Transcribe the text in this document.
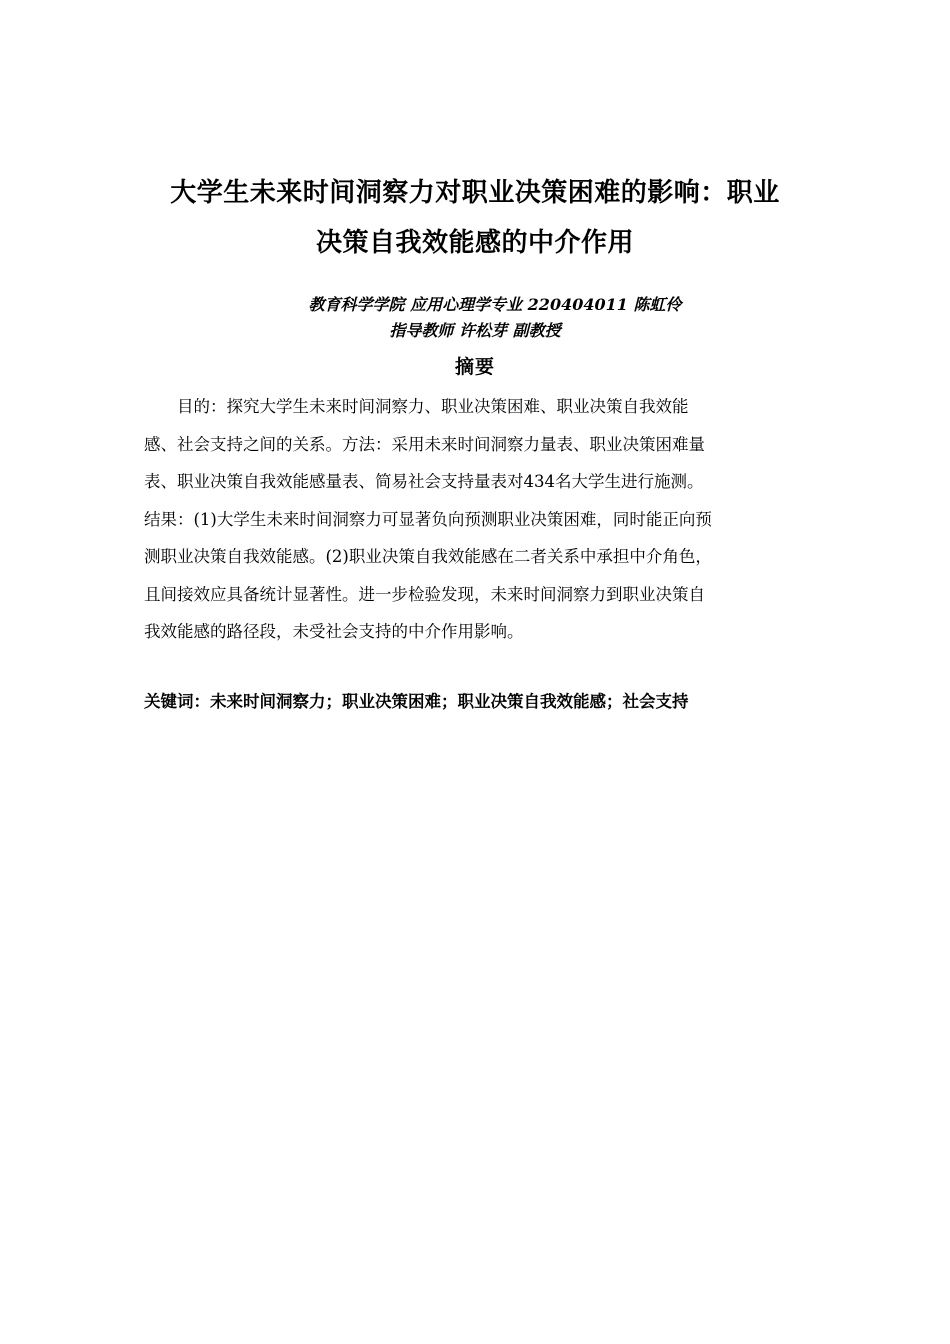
大学生未来时间洞察力对职业决策困难的影响：职业
决策自我效能感的中介作用
教育科学学院 应用心理学专业 220404011 陈虹伶
指导教师 许松芽 副教授
摘要
目的：探究大学生未来时间洞察力、职业决策困难、职业决策自我效能
感、社会支持之间的关系。方法：采用未来时间洞察力量表、职业决策困难量
表、职业决策自我效能感量表、简易社会支持量表对434名大学生进行施测。
结果：(1)大学生未来时间洞察力可显著负向预测职业决策困难，同时能正向预
测职业决策自我效能感。(2)职业决策自我效能感在二者关系中承担中介角色，
且间接效应具备统计显著性。进一步检验发现，未来时间洞察力到职业决策自
我效能感的路径段，未受社会支持的中介作用影响。
关键词：未来时间洞察力；职业决策困难；职业决策自我效能感；社会支持
